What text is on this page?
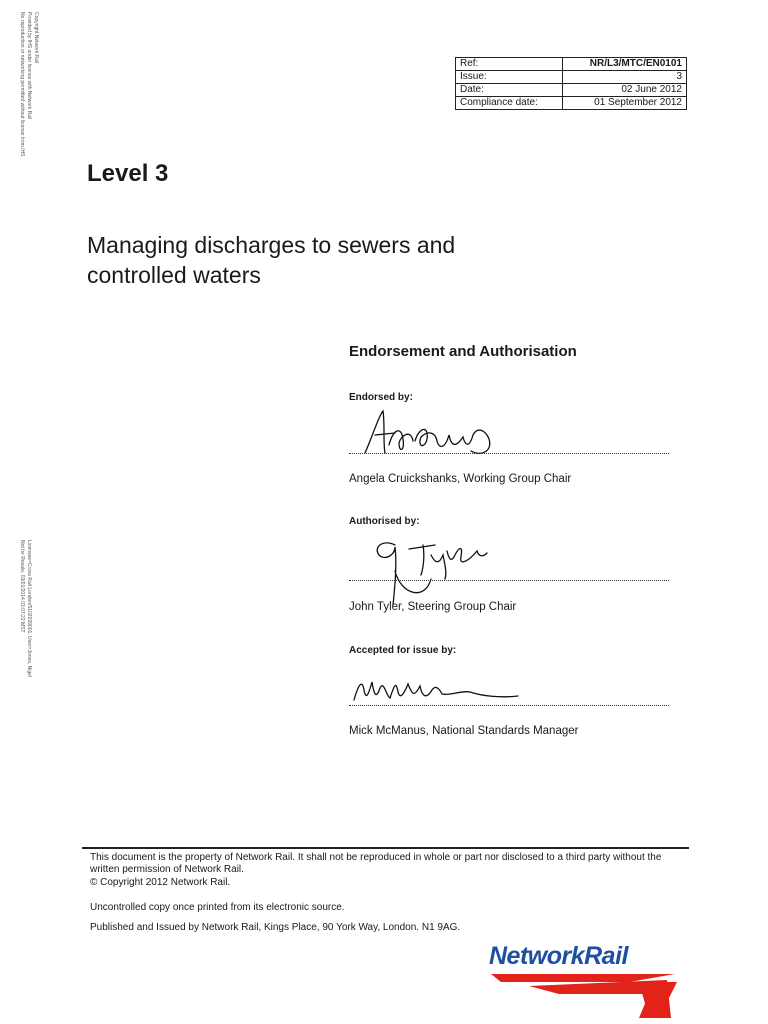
Copyright Network Rail
Provided by IHS under license with Network Rail
No reproduction or networking permitted without license from IHS
Licensee=Cross Rail London/5102039001, User=Jones, Nigel
Not for Resale, 03/01/2014 03:07:22 MST
Ref:	NR/L3/MTC/EN0101
Issue:	3
Date:	02 June 2012
Compliance date:	01 September 2012
Level 3
Managing discharges to sewers and controlled waters
Endorsement and Authorisation
Endorsed by:
Angela Cruickshanks, Working Group Chair
Authorised by:
John Tyler, Steering Group Chair
Accepted for issue by:
Mick McManus, National Standards Manager
This document is the property of Network Rail. It shall not be reproduced in whole or part nor disclosed to a third party without the written permission of Network Rail.
© Copyright 2012 Network Rail.
Uncontrolled copy once printed from its electronic source.
Published and Issued by Network Rail, Kings Place, 90 York Way, London. N1 9AG.
NetworkRail
